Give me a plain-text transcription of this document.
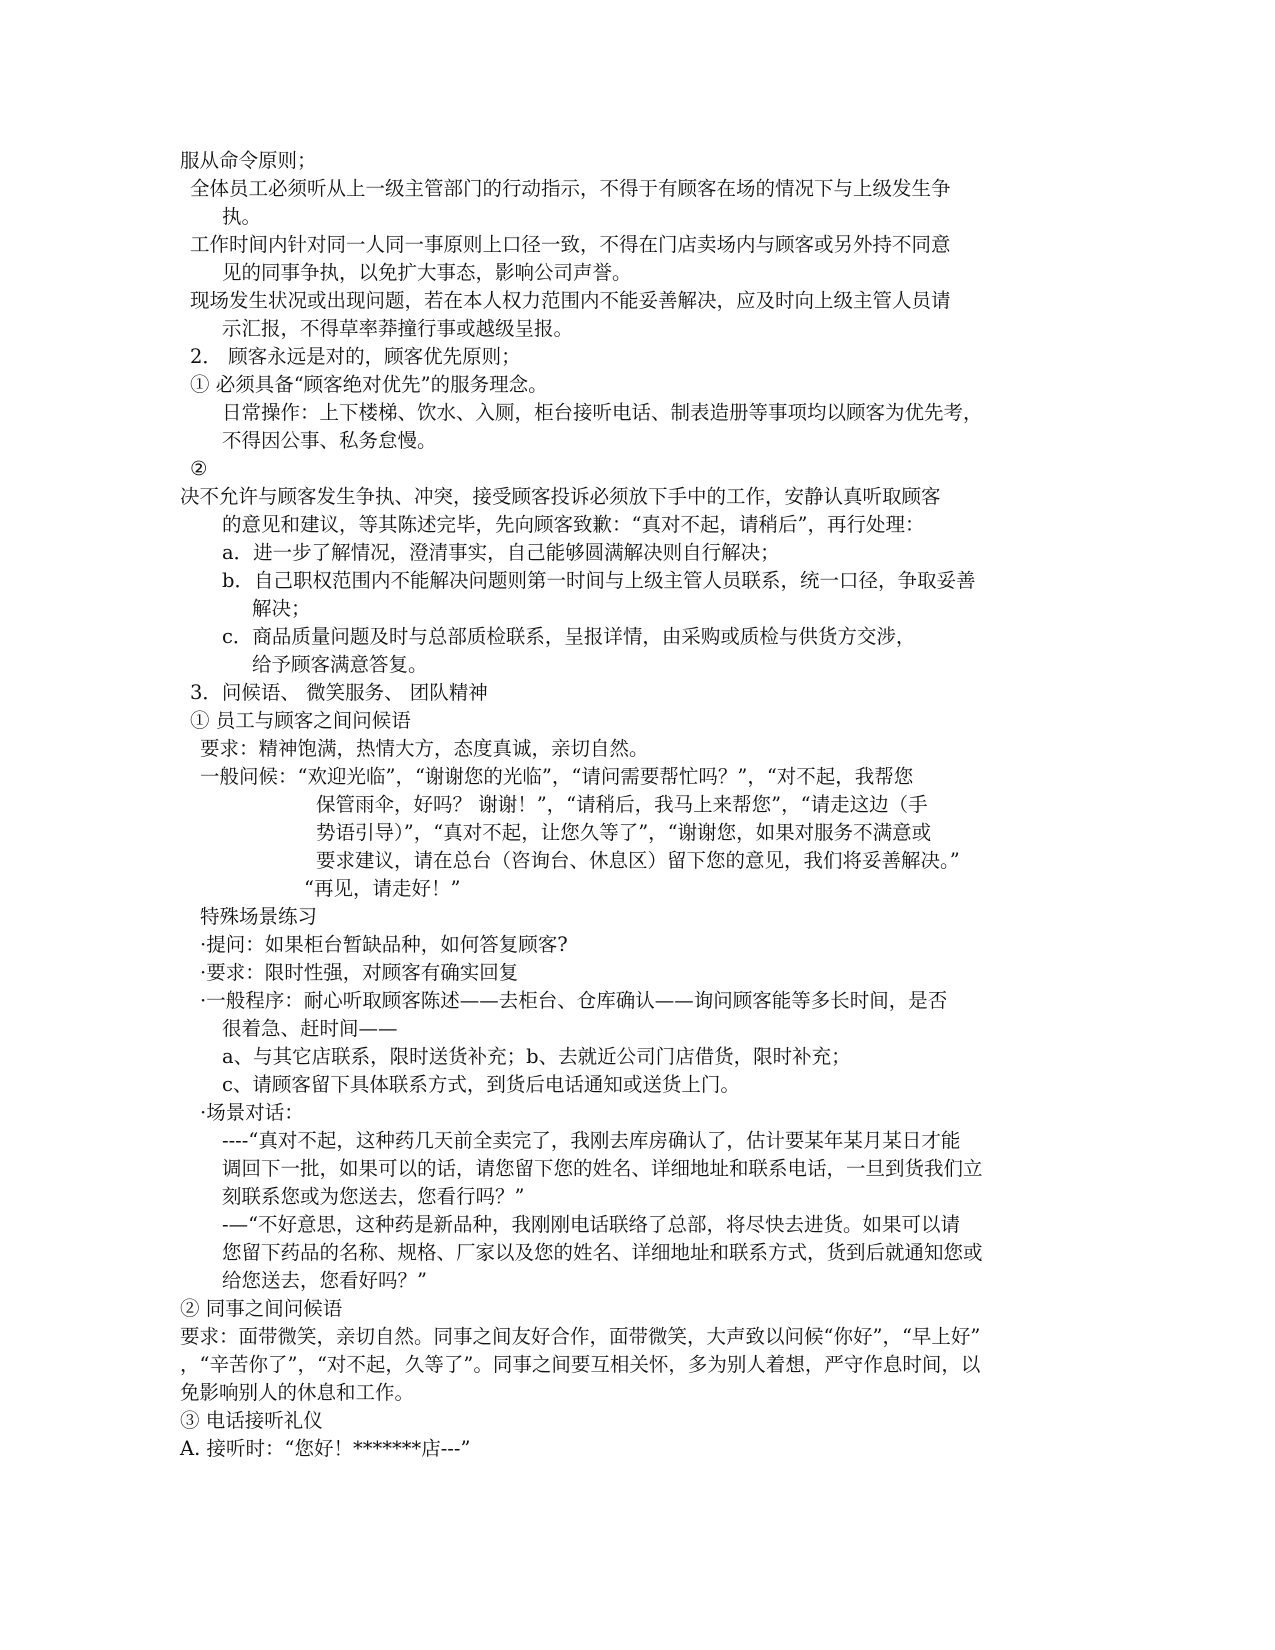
服从命令原则；
全体员工必须听从上一级主管部门的行动指示，不得于有顾客在场的情况下与上级发生争
执。
工作时间内针对同一人同一事原则上口径一致，不得在门店卖场内与顾客或另外持不同意
见的同事争执，以免扩大事态，影响公司声誉。
现场发生状况或出现问题，若在本人权力范围内不能妥善解决，应及时向上级主管人员请
示汇报，不得草率莽撞行事或越级呈报。
2． 顾客永远是对的，顾客优先原则；
① 必须具备“顾客绝对优先”的服务理念。
日常操作：上下楼梯、饮水、入厕，柜台接听电话、制表造册等事项均以顾客为优先考，
不得因公事、私务怠慢。
②
决不允许与顾客发生争执、冲突，接受顾客投诉必须放下手中的工作，安静认真听取顾客
的意见和建议，等其陈述完毕，先向顾客致歉：“真对不起，请稍后”，再行处理：
a．进一步了解情况，澄清事实，自己能够圆满解决则自行解决；
b．自己职权范围内不能解决问题则第一时间与上级主管人员联系，统一口径，争取妥善
解决；
c．商品质量问题及时与总部质检联系，呈报详情，由采购或质检与供货方交涉，
给予顾客满意答复。
3．问候语、 微笑服务、 团队精神
① 员工与顾客之间问候语
要求：精神饱满，热情大方，态度真诚，亲切自然。
一般问候：“欢迎光临”，“谢谢您的光临”，“请问需要帮忙吗？”，“对不起，我帮您
保管雨伞，好吗？ 谢谢！”，“请稍后，我马上来帮您”，“请走这边（手
势语引导）”，“真对不起，让您久等了”，“谢谢您，如果对服务不满意或
要求建议，请在总台（咨询台、休息区）留下您的意见，我们将妥善解决。”
“再见，请走好！”
特殊场景练习
·提问：如果柜台暂缺品种，如何答复顾客?
·要求：限时性强，对顾客有确实回复
·一般程序：耐心听取顾客陈述——去柜台、仓库确认——询问顾客能等多长时间，是否
很着急、赶时间——
a、与其它店联系，限时送货补充；b、去就近公司门店借货，限时补充；
c、请顾客留下具体联系方式，到货后电话通知或送货上门。
·场景对话：
----“真对不起，这种药几天前全卖完了，我刚去库房确认了，估计要某年某月某日才能
调回下一批，如果可以的话，请您留下您的姓名、详细地址和联系电话，一旦到货我们立
刻联系您或为您送去，您看行吗？”
-—“不好意思，这种药是新品种，我刚刚电话联络了总部，将尽快去进货。如果可以请
您留下药品的名称、规格、厂家以及您的姓名、详细地址和联系方式，货到后就通知您或
给您送去，您看好吗？”
② 同事之间问候语
要求：面带微笑，亲切自然。同事之间友好合作，面带微笑，大声致以问候“你好”，“早上好”
，“辛苦你了”，“对不起，久等了”。同事之间要互相关怀，多为别人着想，严守作息时间，以
免影响别人的休息和工作。
③ 电话接听礼仪
A. 接听时：“您好！*******店---”
